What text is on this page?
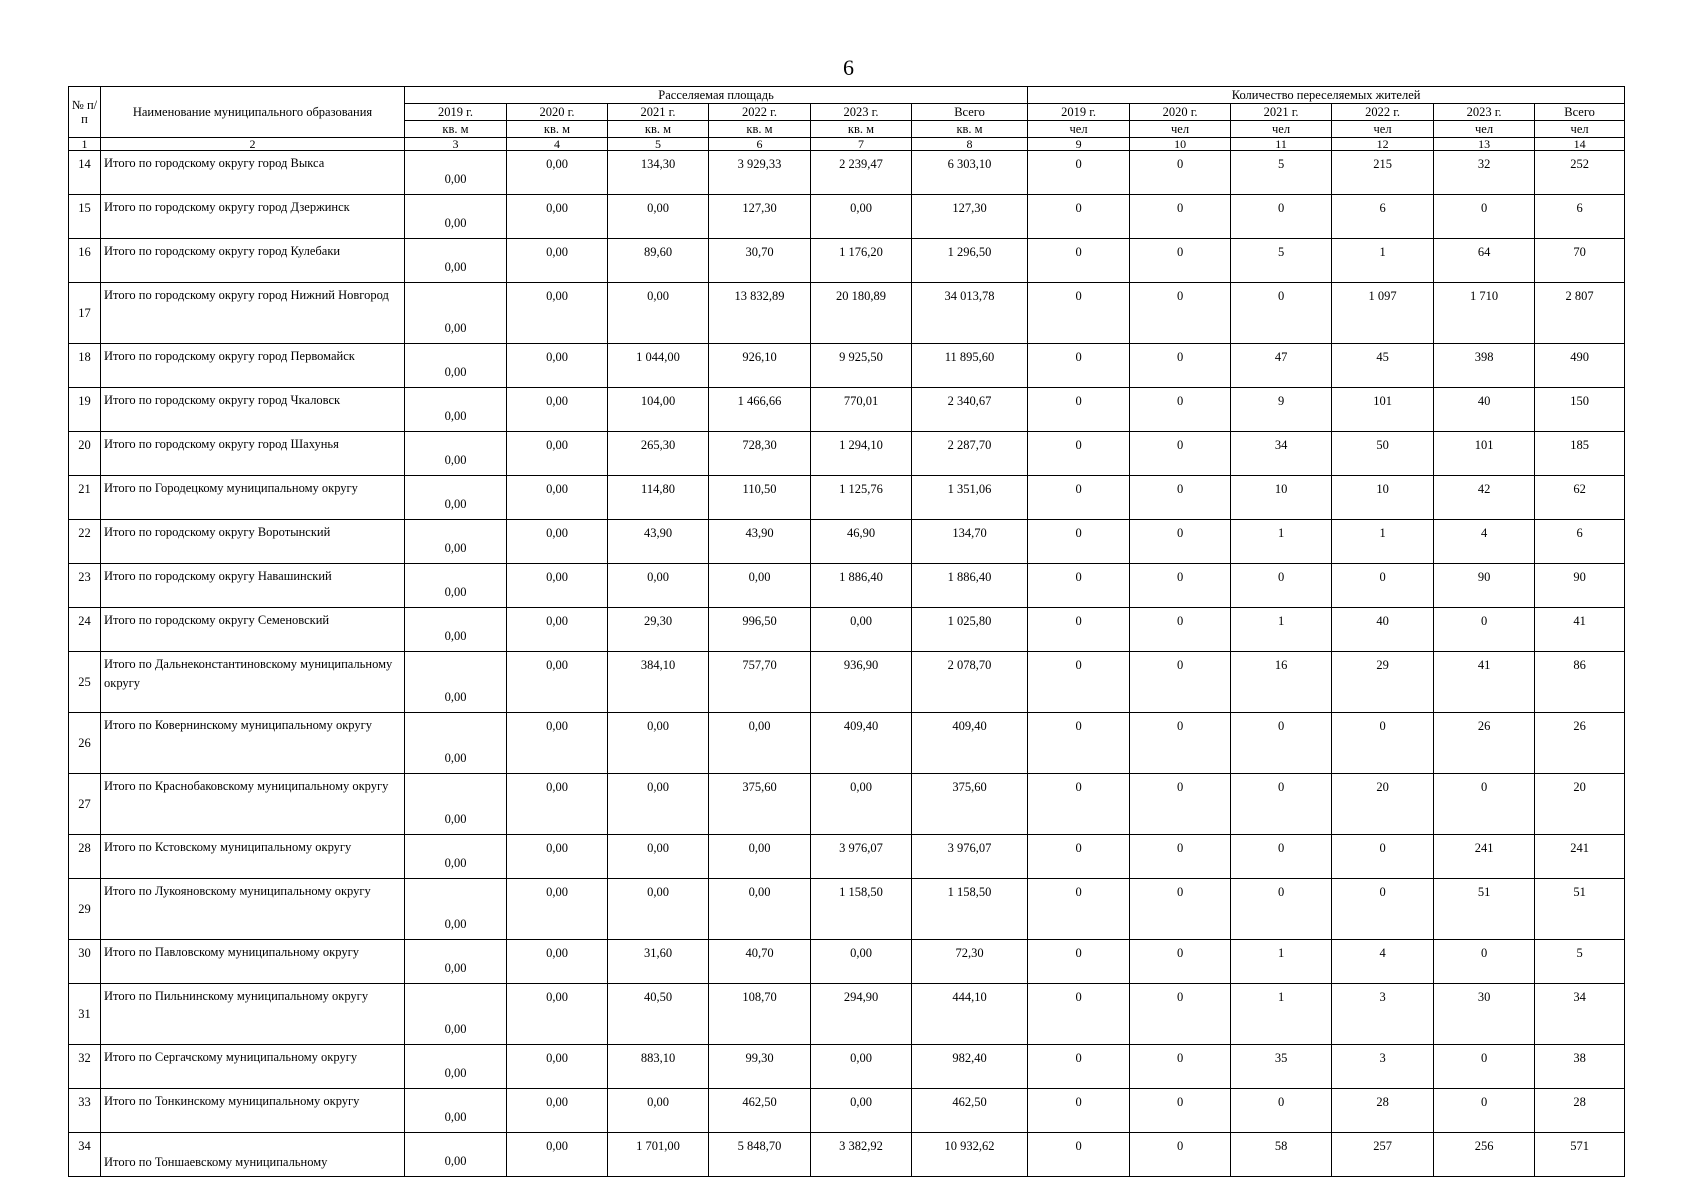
6
№ п/п	Наименование муниципального образования	Расселяемая площадь						Количество переселяемых жителей					
		2019 г.	2020 г.	2021 г.	2022 г.	2023 г.	Всего	2019 г.	2020 г.	2021 г.	2022 г.	2023 г.	Всего
		кв. м	кв. м	кв. м	кв. м	кв. м	кв. м	чел	чел	чел	чел	чел	чел
1	2	3	4	5	6	7	8	9	10	11	12	13	14
14	Итого по городскому округу город Выкса	0,00	0,00	134,30	3 929,33	2 239,47	6 303,10	0	0	5	215	32	252
15	Итого по городскому округу город Дзержинск	0,00	0,00	0,00	127,30	0,00	127,30	0	0	0	6	0	6
16	Итого по городскому округу город Кулебаки	0,00	0,00	89,60	30,70	1 176,20	1 296,50	0	0	5	1	64	70
17	Итого по городскому округу город Нижний Новгород	0,00	0,00	0,00	13 832,89	20 180,89	34 013,78	0	0	0	1 097	1 710	2 807
18	Итого по городскому округу город Первомайск	0,00	0,00	1 044,00	926,10	9 925,50	11 895,60	0	0	47	45	398	490
19	Итого по городскому округу город Чкаловск	0,00	0,00	104,00	1 466,66	770,01	2 340,67	0	0	9	101	40	150
20	Итого по городскому округу город Шахунья	0,00	0,00	265,30	728,30	1 294,10	2 287,70	0	0	34	50	101	185
21	Итого по Городецкому муниципальному округу	0,00	0,00	114,80	110,50	1 125,76	1 351,06	0	0	10	10	42	62
22	Итого по городскому округу Воротынский	0,00	0,00	43,90	43,90	46,90	134,70	0	0	1	1	4	6
23	Итого по городскому округу Навашинский	0,00	0,00	0,00	0,00	1 886,40	1 886,40	0	0	0	0	90	90
24	Итого по городскому округу Семеновский	0,00	0,00	29,30	996,50	0,00	1 025,80	0	0	1	40	0	41
25	Итого по Дальнеконстантиновскому муниципальному округу	0,00	0,00	384,10	757,70	936,90	2 078,70	0	0	16	29	41	86
26	Итого по Ковернинскому муниципальному округу	0,00	0,00	0,00	0,00	409,40	409,40	0	0	0	0	26	26
27	Итого по Краснобаковскому муниципальному округу	0,00	0,00	0,00	375,60	0,00	375,60	0	0	0	20	0	20
28	Итого по Кстовскому муниципальному округу	0,00	0,00	0,00	0,00	3 976,07	3 976,07	0	0	0	0	241	241
29	Итого по Лукояновскому муниципальному округу	0,00	0,00	0,00	0,00	1 158,50	1 158,50	0	0	0	0	51	51
30	Итого по Павловскому муниципальному округу	0,00	0,00	31,60	40,70	0,00	72,30	0	0	1	4	0	5
31	Итого по Пильнинскому муниципальному округу	0,00	0,00	40,50	108,70	294,90	444,10	0	0	1	3	30	34
32	Итого по Сергачскому муниципальному округу	0,00	0,00	883,10	99,30	0,00	982,40	0	0	35	3	0	38
33	Итого по Тонкинскому муниципальному округу	0,00	0,00	0,00	462,50	0,00	462,50	0	0	0	28	0	28
34	Итого по Тоншаевскому муниципальному	0,00	0,00	1 701,00	5 848,70	3 382,92	10 932,62	0	0	58	257	256	571
